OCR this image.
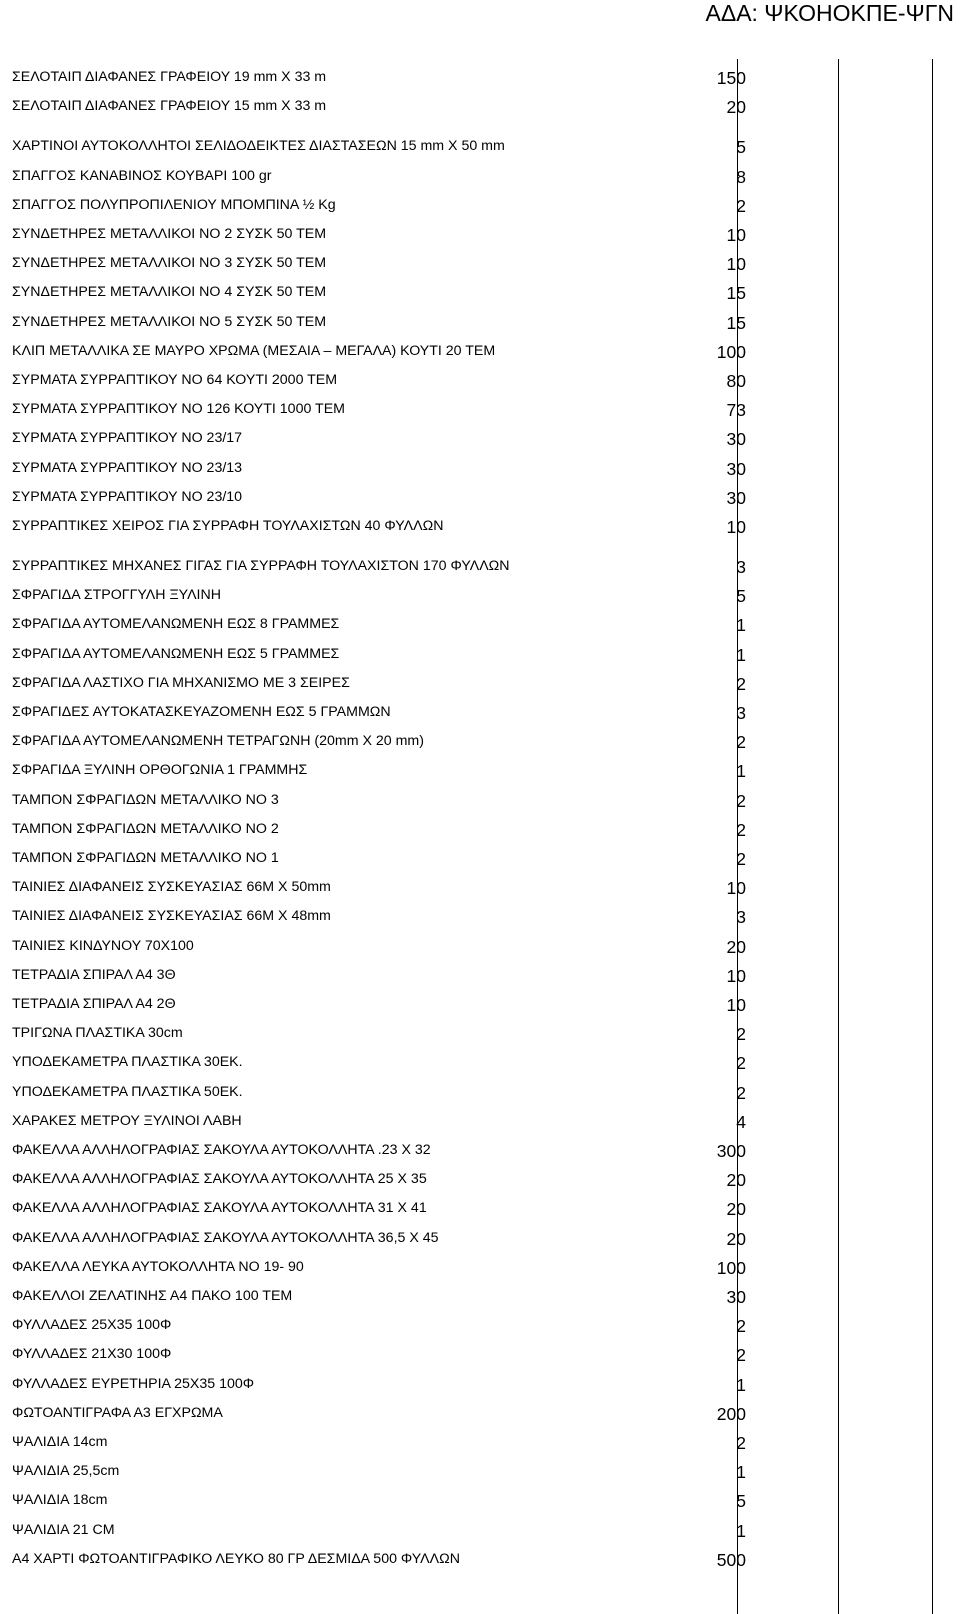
ΑΔΑ: ΨΚΟΗΟΚΠΕ-ΨΓΝ
ΣΕΛΟΤΑΙΠ ΔΙΑΦΑΝΕΣ ΓΡΑΦΕΙΟΥ 19 mm X 33 m	150
ΣΕΛΟΤΑΙΠ ΔΙΑΦΑΝΕΣ ΓΡΑΦΕΙΟΥ 15 mm X 33 m	20
ΧΑΡΤΙΝΟΙ ΑΥΤΟΚΟΛΛΗΤΟΙ ΣΕΛΙΔΟΔΕΙΚΤΕΣ ΔΙΑΣΤΑΣΕΩΝ 15 mm X 50 mm	5
ΣΠΑΓΓΟΣ ΚΑΝΑΒΙΝΟΣ ΚΟΥΒΑΡΙ 100 gr	8
ΣΠΑΓΓΟΣ ΠΟΛΥΠΡΟΠΙΛΕΝΙΟΥ ΜΠΟΜΠΙΝΑ ½ Kg	2
ΣΥΝΔΕΤΗΡΕΣ ΜΕΤΑΛΛΙΚΟΙ ΝΟ 2 ΣΥΣΚ 50 ΤΕΜ	10
ΣΥΝΔΕΤΗΡΕΣ ΜΕΤΑΛΛΙΚΟΙ ΝΟ 3 ΣΥΣΚ 50 ΤΕΜ	10
ΣΥΝΔΕΤΗΡΕΣ ΜΕΤΑΛΛΙΚΟΙ ΝΟ 4 ΣΥΣΚ 50 ΤΕΜ	15
ΣΥΝΔΕΤΗΡΕΣ ΜΕΤΑΛΛΙΚΟΙ ΝΟ 5 ΣΥΣΚ 50 ΤΕΜ	15
ΚΛΙΠ ΜΕΤΑΛΛΙΚΑ ΣΕ ΜΑΥΡΟ ΧΡΩΜΑ (ΜΕΣΑΙΑ – ΜΕΓΑΛΑ) ΚΟΥΤΙ 20 ΤΕΜ	100
ΣΥΡΜΑΤΑ ΣΥΡΡΑΠΤΙΚΟΥ ΝΟ 64 ΚΟΥΤΙ 2000 ΤΕΜ	80
ΣΥΡΜΑΤΑ ΣΥΡΡΑΠΤΙΚΟΥ ΝΟ 126 ΚΟΥΤΙ 1000 ΤΕΜ	73
ΣΥΡΜΑΤΑ ΣΥΡΡΑΠΤΙΚΟΥ ΝΟ 23/17	30
ΣΥΡΜΑΤΑ ΣΥΡΡΑΠΤΙΚΟΥ ΝΟ 23/13	30
ΣΥΡΜΑΤΑ ΣΥΡΡΑΠΤΙΚΟΥ ΝΟ 23/10	30
ΣΥΡΡΑΠΤΙΚΕΣ ΧΕΙΡΟΣ ΓΙΑ ΣΥΡΡΑΦΗ ΤΟΥΛΑΧΙΣΤΩΝ 40 ΦΥΛΛΩΝ	10
ΣΥΡΡΑΠΤΙΚΕΣ ΜΗΧΑΝΕΣ ΓΙΓΑΣ ΓΙΑ ΣΥΡΡΑΦΗ ΤΟΥΛΑΧΙΣΤΟΝ 170 ΦΥΛΛΩΝ	3
ΣΦΡΑΓΙΔΑ ΣΤΡΟΓΓΥΛΗ ΞΥΛΙΝΗ	5
ΣΦΡΑΓΙΔΑ ΑΥΤΟΜΕΛΑΝΩΜΕΝΗ ΕΩΣ 8 ΓΡΑΜΜΕΣ	1
ΣΦΡΑΓΙΔΑ ΑΥΤΟΜΕΛΑΝΩΜΕΝΗ ΕΩΣ 5 ΓΡΑΜΜΕΣ	1
ΣΦΡΑΓΙΔΑ ΛΑΣΤΙΧΟ ΓΙΑ ΜΗΧΑΝΙΣΜΟ ΜΕ 3 ΣΕΙΡΕΣ	2
ΣΦΡΑΓΙΔΕΣ ΑΥΤΟΚΑΤΑΣΚΕΥΑΖΟΜΕΝΗ ΕΩΣ 5 ΓΡΑΜΜΩΝ	3
ΣΦΡΑΓΙΔΑ ΑΥΤΟΜΕΛΑΝΩΜΕΝΗ ΤΕΤΡΑΓΩΝΗ (20mm X 20 mm)	2
ΣΦΡΑΓΙΔΑ ΞΥΛΙΝΗ ΟΡΘΟΓΩΝΙΑ 1 ΓΡΑΜΜΗΣ	1
ΤΑΜΠΟΝ ΣΦΡΑΓΙΔΩΝ ΜΕΤΑΛΛΙΚΟ ΝΟ 3	2
ΤΑΜΠΟΝ ΣΦΡΑΓΙΔΩΝ ΜΕΤΑΛΛΙΚΟ ΝΟ 2	2
ΤΑΜΠΟΝ ΣΦΡΑΓΙΔΩΝ ΜΕΤΑΛΛΙΚΟ ΝΟ 1	2
ΤΑΙΝΙΕΣ ΔΙΑΦΑΝΕΙΣ ΣΥΣΚΕΥΑΣΙΑΣ 66Μ Χ 50mm	10
ΤΑΙΝΙΕΣ ΔΙΑΦΑΝΕΙΣ ΣΥΣΚΕΥΑΣΙΑΣ 66Μ Χ 48mm	3
ΤΑΙΝΙΕΣ ΚΙΝΔΥΝΟΥ 70Χ100	20
ΤΕΤΡΑΔΙΑ ΣΠΙΡΑΛ Α4 3Θ	10
ΤΕΤΡΑΔΙΑ ΣΠΙΡΑΛ Α4 2Θ	10
ΤΡΙΓΩΝΑ ΠΛΑΣΤΙΚΑ 30cm	2
ΥΠΟΔΕΚΑΜΕΤΡΑ ΠΛΑΣΤΙΚΑ 30ΕΚ.	2
ΥΠΟΔΕΚΑΜΕΤΡΑ ΠΛΑΣΤΙΚΑ 50ΕΚ.	2
ΧΑΡΑΚΕΣ ΜΕΤΡΟΥ ΞΥΛΙΝΟΙ ΛΑΒΗ	4
ΦΑΚΕΛΛΑ ΑΛΛΗΛΟΓΡΑΦΙΑΣ ΣΑΚΟΥΛΑ ΑΥΤΟΚΟΛΛΗΤΑ .23 Χ 32	300
ΦΑΚΕΛΛΑ ΑΛΛΗΛΟΓΡΑΦΙΑΣ ΣΑΚΟΥΛΑ ΑΥΤΟΚΟΛΛΗΤΑ 25 Χ 35	20
ΦΑΚΕΛΛΑ ΑΛΛΗΛΟΓΡΑΦΙΑΣ ΣΑΚΟΥΛΑ ΑΥΤΟΚΟΛΛΗΤΑ 31 Χ 41	20
ΦΑΚΕΛΛΑ ΑΛΛΗΛΟΓΡΑΦΙΑΣ ΣΑΚΟΥΛΑ ΑΥΤΟΚΟΛΛΗΤΑ 36,5 Χ 45	20
ΦΑΚΕΛΛΑ ΛΕΥΚΑ ΑΥΤΟΚΟΛΛΗΤΑ ΝΟ 19- 90	100
ΦΑΚΕΛΛΟΙ ΖΕΛΑΤΙΝΗΣ Α4 ΠΑΚΟ 100 ΤΕΜ	30
ΦΥΛΛΑΔΕΣ 25Χ35 100Φ	2
ΦΥΛΛΑΔΕΣ 21Χ30 100Φ	2
ΦΥΛΛΑΔΕΣ ΕΥΡΕΤΗΡΙΑ 25Χ35 100Φ	1
ΦΩΤΟΑΝΤΙΓΡΑΦΑ Α3 ΕΓΧΡΩΜΑ	200
ΨΑΛΙΔΙΑ 14cm	2
ΨΑΛΙΔΙΑ 25,5cm	1
ΨΑΛΙΔΙΑ 18cm	5
ΨΑΛΙΔΙΑ 21 CM	1
Α4 ΧΑΡΤΙ ΦΩΤΟΑΝΤΙΓΡΑΦΙΚΟ ΛΕΥΚΟ 80 ΓΡ ΔΕΣΜΙΔΑ 500 ΦΥΛΛΩΝ	500
